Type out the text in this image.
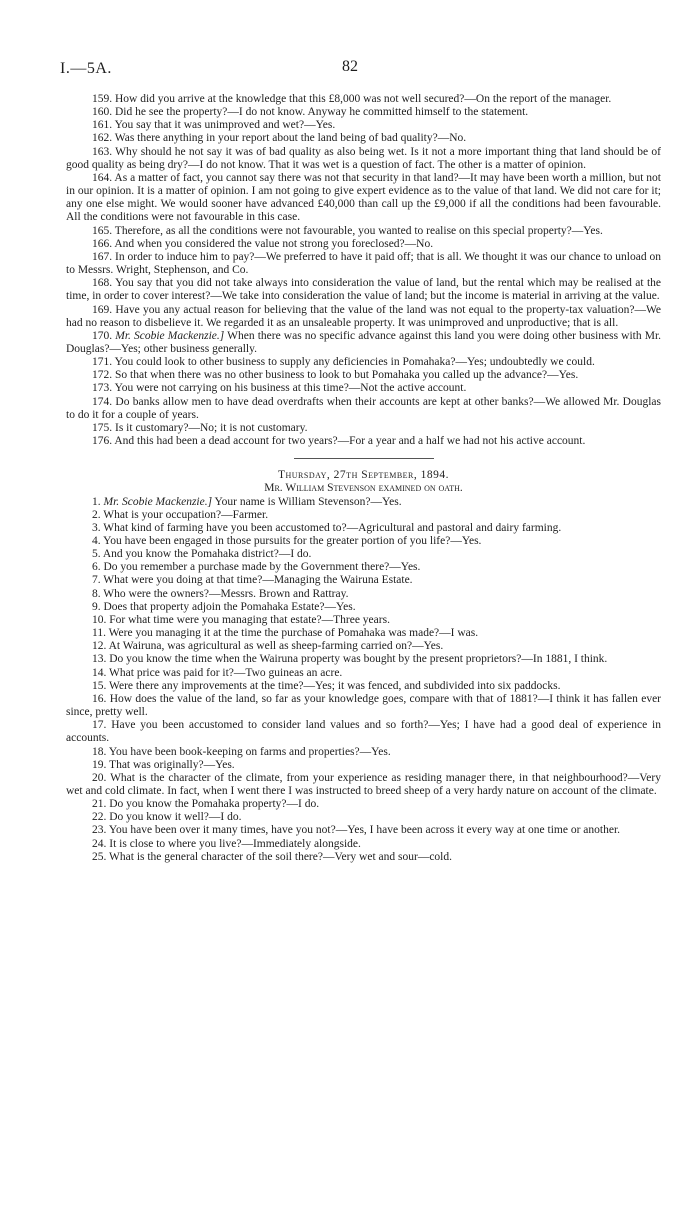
I.—5A.	82

159. How did you arrive at the knowledge that this £8,000 was not well secured?—On the report of the manager.

160. Did he see the property?—I do not know. Anyway he committed himself to the statement.

161. You say that it was unimproved and wet?—Yes.

162. Was there anything in your report about the land being of bad quality?—No.

163. Why should he not say it was of bad quality as also being wet. Is it not a more important thing that land should be of good quality as being dry?—I do not know. That it was wet is a question of fact. The other is a matter of opinion.

164. As a matter of fact, you cannot say there was not that security in that land?—It may have been worth a million, but not in our opinion. It is a matter of opinion. I am not going to give expert evidence as to the value of that land. We did not care for it; any one else might. We would sooner have advanced £40,000 than call up the £9,000 if all the conditions had been favourable. All the conditions were not favourable in this case.

165. Therefore, as all the conditions were not favourable, you wanted to realise on this special property?—Yes.

166. And when you considered the value not strong you foreclosed?—No.

167. In order to induce him to pay?—We preferred to have it paid off; that is all. We thought it was our chance to unload on to Messrs. Wright, Stephenson, and Co.

168. You say that you did not take always into consideration the value of land, but the rental which may be realised at the time, in order to cover interest?—We take into consideration the value of land; but the income is material in arriving at the value.

169. Have you any actual reason for believing that the value of the land was not equal to the property-tax valuation?—We had no reason to disbelieve it. We regarded it as an unsaleable property. It was unimproved and unproductive; that is all.

170. Mr. Scobie Mackenzie.] When there was no specific advance against this land you were doing other business with Mr. Douglas?—Yes; other business generally.

171. You could look to other business to supply any deficiencies in Pomahaka?—Yes; undoubtedly we could.

172. So that when there was no other business to look to but Pomahaka you called up the advance?—Yes.

173. You were not carrying on his business at this time?—Not the active account.

174. Do banks allow men to have dead overdrafts when their accounts are kept at other banks?—We allowed Mr. Douglas to do it for a couple of years.

175. Is it customary?—No; it is not customary.

176. And this had been a dead account for two years?—For a year and a half we had not his active account.

Thursday, 27th September, 1894.

Mr. William Stevenson examined on oath.

1. Mr. Scobie Mackenzie.] Your name is William Stevenson?—Yes.

2. What is your occupation?—Farmer.

3. What kind of farming have you been accustomed to?—Agricultural and pastoral and dairy farming.

4. You have been engaged in those pursuits for the greater portion of you life?—Yes.

5. And you know the Pomahaka district?—I do.

6. Do you remember a purchase made by the Government there?—Yes.

7. What were you doing at that time?—Managing the Wairuna Estate.

8. Who were the owners?—Messrs. Brown and Rattray.

9. Does that property adjoin the Pomahaka Estate?—Yes.

10. For what time were you managing that estate?—Three years.

11. Were you managing it at the time the purchase of Pomahaka was made?—I was.

12. At Wairuna, was agricultural as well as sheep-farming carried on?—Yes.

13. Do you know the time when the Wairuna property was bought by the present proprietors?—In 1881, I think.

14. What price was paid for it?—Two guineas an acre.

15. Were there any improvements at the time?—Yes; it was fenced, and subdivided into six paddocks.

16. How does the value of the land, so far as your knowledge goes, compare with that of 1881?—I think it has fallen ever since, pretty well.

17. Have you been accustomed to consider land values and so forth?—Yes; I have had a good deal of experience in accounts.

18. You have been book-keeping on farms and properties?—Yes.

19. That was originally?—Yes.

20. What is the character of the climate, from your experience as residing manager there, in that neighbourhood?—Very wet and cold climate. In fact, when I went there I was instructed to breed sheep of a very hardy nature on account of the climate.

21. Do you know the Pomahaka property?—I do.

22. Do you know it well?—I do.

23. You have been over it many times, have you not?—Yes, I have been across it every way at one time or another.

24. It is close to where you live?—Immediately alongside.

25. What is the general character of the soil there?—Very wet and sour—cold.
